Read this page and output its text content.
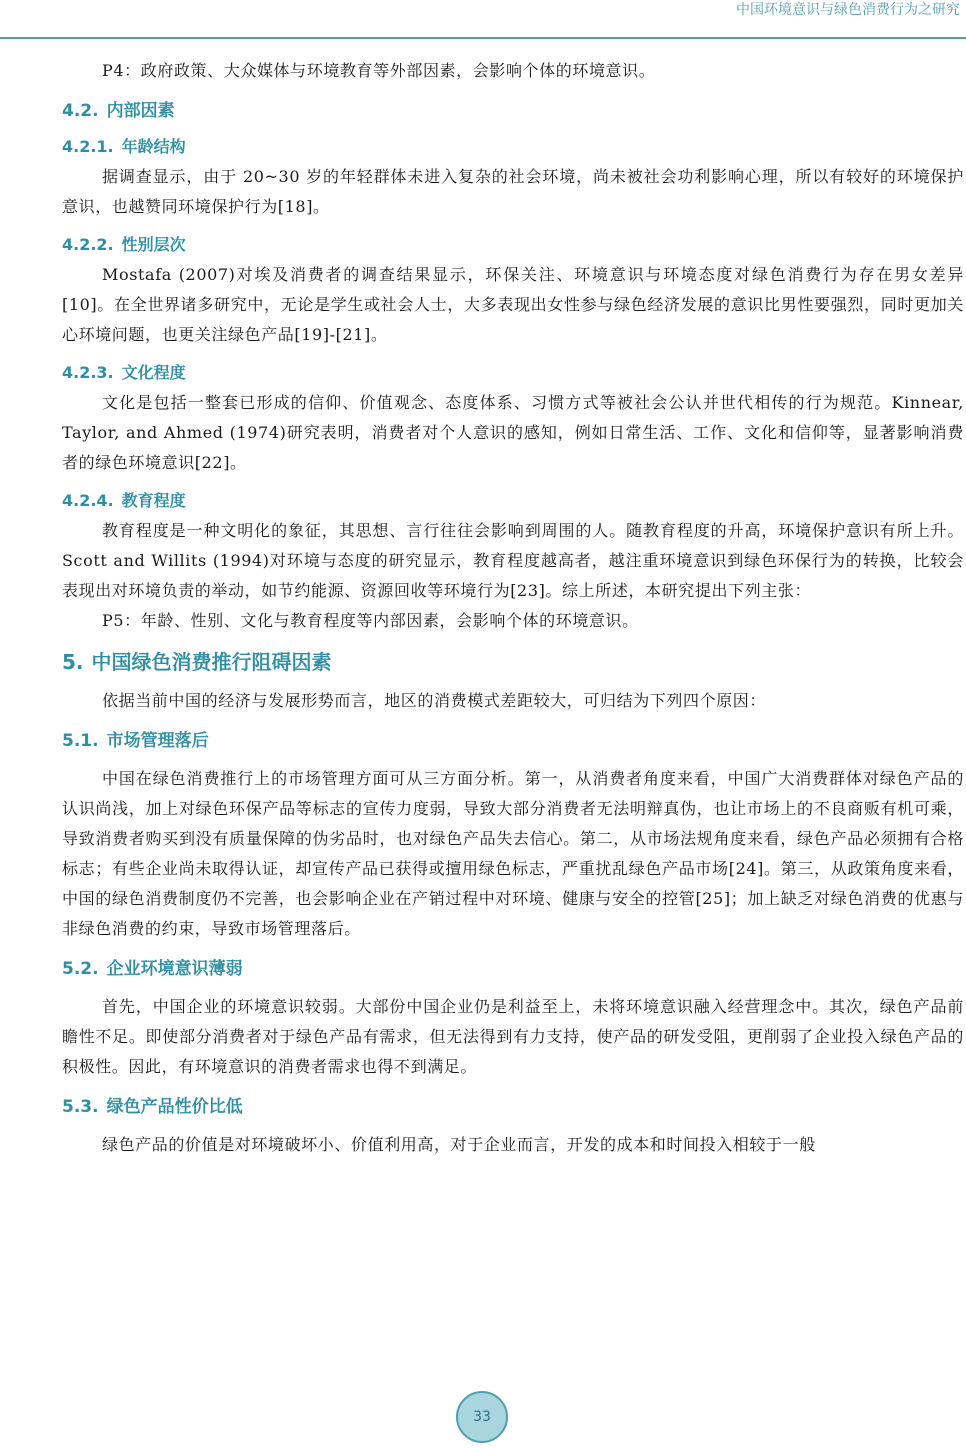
中国环境意识与绿色消费行为之研究

P4：政府政策、大众媒体与环境教育等外部因素，会影响个体的环境意识。

4.2. 内部因素
4.2.1. 年龄结构

据调查显示，由于 20~30 岁的年轻群体未进入复杂的社会环境，尚未被社会功利影响心理，所以有较好的环境保护意识，也越赞同环境保护行为[18]。

4.2.2. 性别层次

Mostafa (2007)对埃及消费者的调查结果显示，环保关注、环境意识与环境态度对绿色消费行为存在男女差异[10]。在全世界诸多研究中，无论是学生或社会人士，大多表现出女性参与绿色经济发展的意识比男性要强烈，同时更加关心环境问题，也更关注绿色产品[19]-[21]。

4.2.3. 文化程度

文化是包括一整套已形成的信仰、价值观念、态度体系、习惯方式等被社会公认并世代相传的行为规范。Kinnear, Taylor, and Ahmed (1974)研究表明，消费者对个人意识的感知，例如日常生活、工作、文化和信仰等，显著影响消费者的绿色环境意识[22]。

4.2.4. 教育程度

教育程度是一种文明化的象征，其思想、言行往往会影响到周围的人。随教育程度的升高，环境保护意识有所上升。Scott and Willits (1994)对环境与态度的研究显示，教育程度越高者，越注重环境意识到绿色环保行为的转换，比较会表现出对环境负责的举动，如节约能源、资源回收等环境行为[23]。综上所述，本研究提出下列主张：

P5：年龄、性别、文化与教育程度等内部因素，会影响个体的环境意识。

5. 中国绿色消费推行阻碍因素

依据当前中国的经济与发展形势而言，地区的消费模式差距较大，可归结为下列四个原因：

5.1. 市场管理落后

中国在绿色消费推行上的市场管理方面可从三方面分析。第一，从消费者角度来看，中国广大消费群体对绿色产品的认识尚浅，加上对绿色环保产品等标志的宣传力度弱，导致大部分消费者无法明辩真伪，也让市场上的不良商贩有机可乘，导致消费者购买到没有质量保障的伪劣品时，也对绿色产品失去信心。第二，从市场法规角度来看，绿色产品必须拥有合格标志；有些企业尚未取得认证，却宣传产品已获得或擅用绿色标志，严重扰乱绿色产品市场[24]。第三，从政策角度来看，中国的绿色消费制度仍不完善，也会影响企业在产销过程中对环境、健康与安全的控管[25]；加上缺乏对绿色消费的优惠与非绿色消费的约束，导致市场管理落后。

5.2. 企业环境意识薄弱

首先，中国企业的环境意识较弱。大部份中国企业仍是利益至上，未将环境意识融入经营理念中。其次，绿色产品前瞻性不足。即使部分消费者对于绿色产品有需求，但无法得到有力支持，使产品的研发受阻，更削弱了企业投入绿色产品的积极性。因此，有环境意识的消费者需求也得不到满足。

5.3. 绿色产品性价比低

绿色产品的价值是对环境破坏小、价值利用高，对于企业而言，开发的成本和时间投入相较于一般

33
